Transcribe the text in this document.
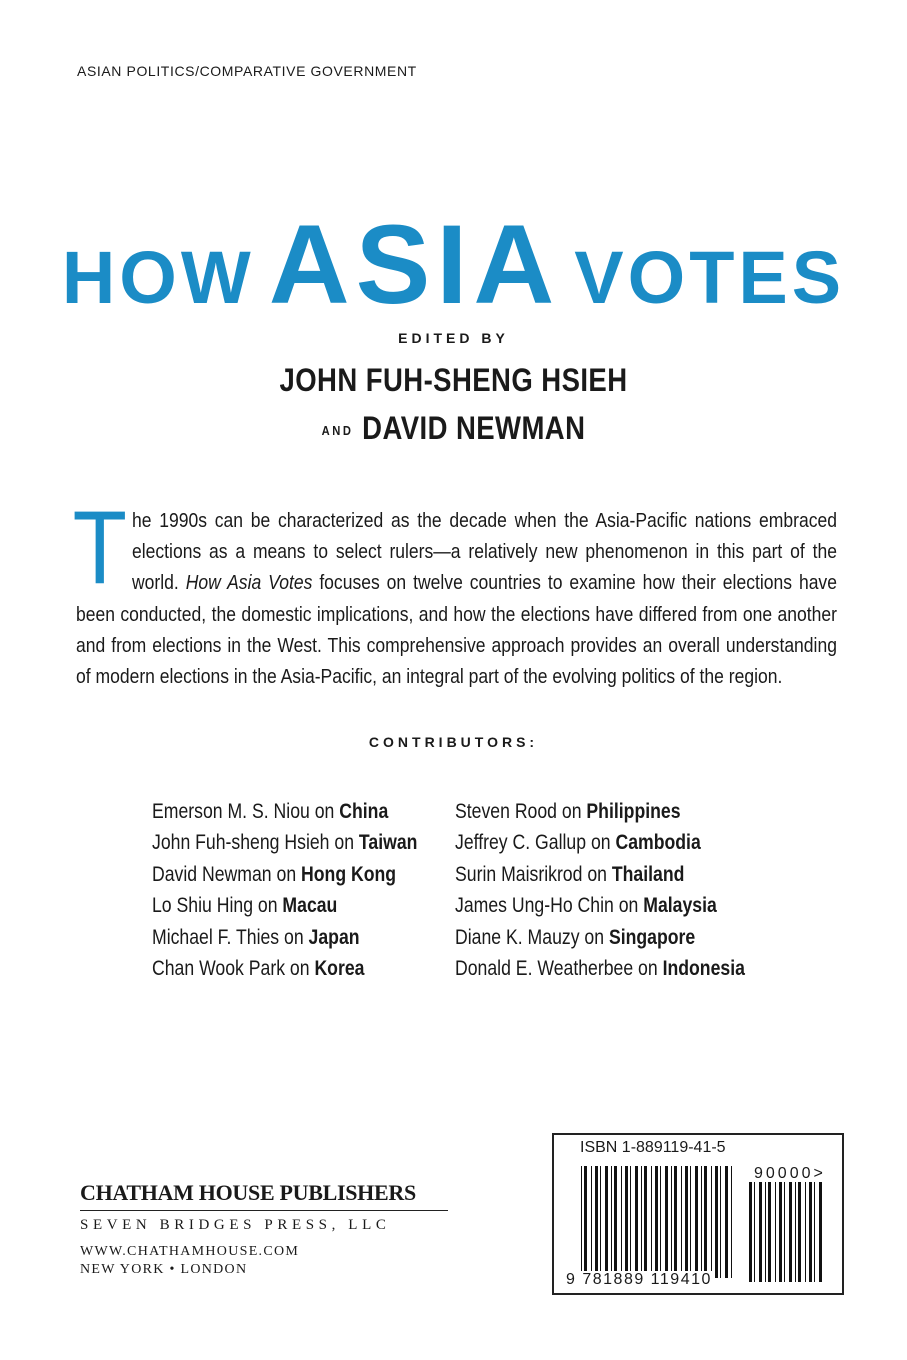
ASIAN POLITICS/COMPARATIVE GOVERNMENT
HOW ASIA VOTES
EDITED BY
JOHN FUH-SHENG HSIEH
AND DAVID NEWMAN
The 1990s can be characterized as the decade when the Asia-Pacific nations embraced elections as a means to select rulers—a relatively new phenomenon in this part of the world. How Asia Votes focuses on twelve countries to examine how their elections have been conducted, the domestic implications, and how the elections have differed from one another and from elections in the West. This comprehensive approach provides an overall understanding of modern elections in the Asia-Pacific, an integral part of the evolving politics of the region.
CONTRIBUTORS:
Emerson M. S. Niou on China
John Fuh-sheng Hsieh on Taiwan
David Newman on Hong Kong
Lo Shiu Hing on Macau
Michael F. Thies on Japan
Chan Wook Park on Korea
Steven Rood on Philippines
Jeffrey C. Gallup on Cambodia
Surin Maisrikrod on Thailand
James Ung-Ho Chin on Malaysia
Diane K. Mauzy on Singapore
Donald E. Weatherbee on Indonesia
CHATHAM HOUSE PUBLISHERS
SEVEN BRIDGES PRESS, LLC
WWW.CHATHAMHOUSE.COM
NEW YORK • LONDON
ISBN 1-889119-41-5
90000>
9 781889 119410
